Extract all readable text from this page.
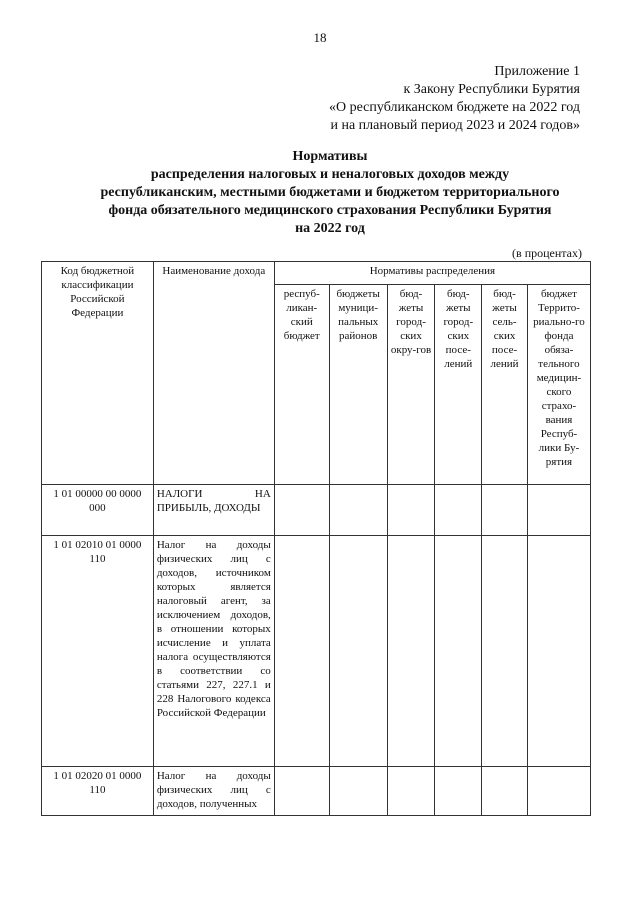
18
Приложение 1
к Закону Республики Бурятия
«О республиканском бюджете на 2022 год
и на плановый период 2023 и 2024 годов»
Нормативы
распределения налоговых и неналоговых доходов между
республиканским, местными бюджетами и бюджетом территориального
фонда обязательного медицинского страхования Республики Бурятия
на 2022 год
(в процентах)
Код бюджетной классификации Российской Федерации	Наименование дохода	Нормативы распределения					
		респуб-ликан-ский бюджет	бюджеты муници-пальных районов	бюд-жеты город-ских окру-гов	бюд-жеты город-ских посе-лений	бюд-жеты сель-ских посе-лений	бюджет Террито-риально-го фонда обяза-тельного медицин-ского страхо-вания Респуб-лики Бу-рятия
1 01 00000 00 0000 000	НАЛОГИ НА ПРИБЫЛЬ, ДОХОДЫ						
1 01 02010 01 0000 110	Налог на доходы физических лиц с доходов, источником которых является налоговый агент, за исключением доходов, в отношении которых исчисление и уплата налога осуществляются в соответствии со статьями 227, 227.1 и 228 Налогового кодекса Российской Федерации						
1 01 02020 01 0000 110	Налог на доходы физических лиц с доходов, полученных						
